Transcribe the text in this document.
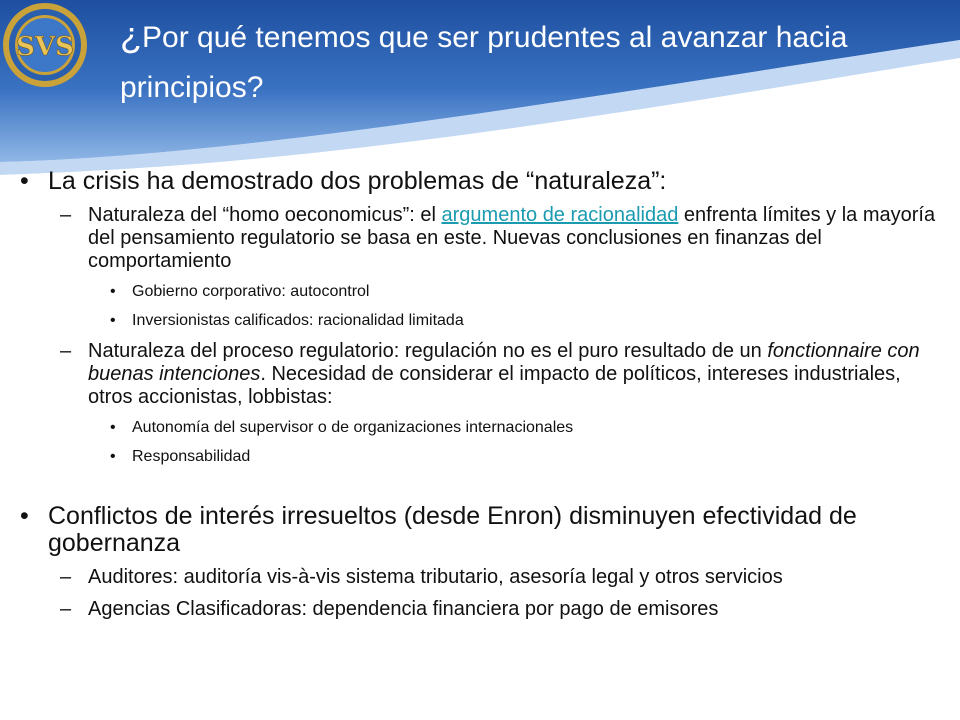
SVS ¿Por qué tenemos que ser prudentes al avanzar hacia principios?
• La crisis ha demostrado dos problemas de “naturaleza”:
– Naturaleza del “homo oeconomicus”: el argumento de racionalidad enfrenta límites y la mayoría del pensamiento regulatorio se basa en este. Nuevas conclusiones en finanzas del comportamiento
• Gobierno corporativo: autocontrol
• Inversionistas calificados: racionalidad limitada
– Naturaleza del proceso regulatorio: regulación no es el puro resultado de un fonctionnaire con buenas intenciones. Necesidad de considerar el impacto de políticos, intereses industriales, otros accionistas, lobbistas:
• Autonomía del supervisor o de organizaciones internacionales
• Responsabilidad
• Conflictos de interés irresueltos (desde Enron) disminuyen efectividad de gobernanza
– Auditores: auditoría vis-à-vis sistema tributario, asesoría legal y otros servicios
– Agencias Clasificadoras: dependencia financiera por pago de emisores
